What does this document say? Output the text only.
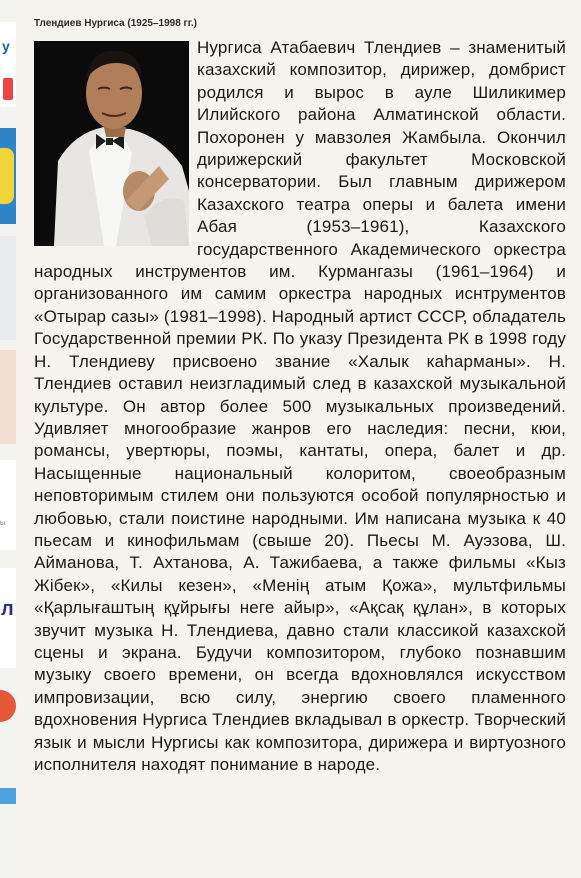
у
ы
л
Тлендиев Нургиса (1925–1998 гг.)
Нургиса Атабаевич Тлендиев – знаменитый казахский композитор, дирижер, домбрист родился и вырос в ауле Шиликимер Илийского района Алматинской области. Похоронен у мавзолея Жамбыла. Окончил дирижерский факультет Московской консерватории. Был главным дирижером Казахского театра оперы и балета имени Абая (1953–1961), Казахского государственного Академического оркестра народных инструментов им. Курмангазы (1961–1964) и организованного им самим оркестра народных иснтрументов «Отырар сазы» (1981–1998). Народный артист СССР, обладатель Государственной премии РК. По указу Президента РК в 1998 году Н. Тлендиеву присвоено звание «Халык каһарманы». Н. Тлендиев оставил неизгладимый след в казахской музыкальной культуре. Он автор более 500 музыкальных произведений. Удивляет многообразие жанров его наследия: песни, кюи, романсы, увертюры, поэмы, кантаты, опера, балет и др. Насыщенные национальный колоритом, своеобразным неповторимым стилем они пользуются особой популярностью и любовью, стали поистине народными. Им написана музыка к 40 пьесам и кинофильмам (свыше 20). Пьесы М. Ауэзова, Ш. Айманова, Т. Ахтанова, А. Тажибаева, а также фильмы «Кыз Жібек», «Килы кезен», «Менің атым Қожа», мультфильмы «Қарлығаштың құйрығы неге айыр», «Ақсақ құлан», в которых звучит музыка Н. Тлендиева, давно стали классикой казахской сцены и экрана. Будучи композитором, глубоко познавшим музыку своего времени, он всегда вдохновлялся искусством импровизации, всю силу, энергию своего пламенного вдохновения Нургиса Тлендиев вкладывал в оркестр. Творческий язык и мысли Нургисы как композитора, дирижера и виртуозного исполнителя находят понимание в народе.
